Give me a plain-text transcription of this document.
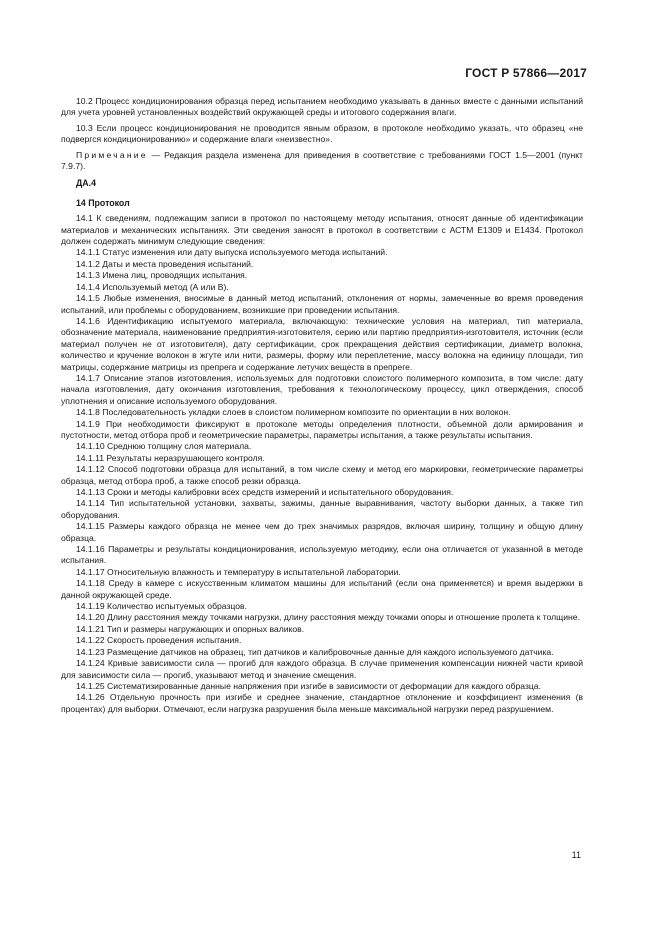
ГОСТ Р 57866—2017

10.2 Процесс кондиционирования образца перед испытанием необходимо указывать в данных вместе с данными испытаний для учета уровней установленных воздействий окружающей среды и итогового содержания влаги.

10.3 Если процесс кондиционирования не проводится явным образом, в протоколе необходимо указать, что образец «не подвергся кондиционированию» и содержание влаги «неизвестно».

Примечание — Редакция раздела изменена для приведения в соответствие с требованиями ГОСТ 1.5—2001 (пункт 7.9.7).

ДА.4
14 Протокол

14.1 К сведениям, подлежащим записи в протокол по настоящему методу испытания, относят данные об идентификации материалов и механических испытаниях. Эти сведения заносят в протокол в соответствии с АСТМ Е1309 и Е1434. Протокол должен содержать минимум следующие сведения:

14.1.1 Статус изменения или дату выпуска используемого метода испытаний.

14.1.2 Даты и места проведения испытаний.

14.1.3 Имена лиц, проводящих испытания.

14.1.4 Используемый метод (А или В).

14.1.5 Любые изменения, вносимые в данный метод испытаний, отклонения от нормы, замеченные во время проведения испытаний, или проблемы с оборудованием, возникшие при проведении испытания.

14.1.6 Идентификацию испытуемого материала, включающую: технические условия на материал, тип материала, обозначение материала, наименование предприятия-изготовителя, серию или партию предприятия-изготовителя, источник (если материал получен не от изготовителя), дату сертификации, срок прекращения действия сертификации, диаметр волокна, количество и кручение волокон в жгуте или нити, размеры, форму или переплетение, массу волокна на единицу площади, тип матрицы, содержание матрицы из препрега и содержание летучих веществ в препреге.

14.1.7 Описание этапов изготовления, используемых для подготовки слоистого полимерного композита, в том числе: дату начала изготовления, дату окончания изготовления, требования к технологическому процессу, цикл отверждения, способ уплотнения и описание используемого оборудования.

14.1.8 Последовательность укладки слоев в слоистом полимерном композите по ориентации в них волокон.

14.1.9 При необходимости фиксируют в протоколе методы определения плотности, объемной доли армирования и пустотности, метод отбора проб и геометрические параметры, параметры испытания, а также результаты испытания.

14.1.10 Среднюю толщину слоя материала.

14.1.11 Результаты неразрушающего контроля.

14.1.12 Способ подготовки образца для испытаний, в том числе схему и метод его маркировки, геометрические параметры образца, метод отбора проб, а также способ резки образца.

14.1.13 Сроки и методы калибровки всех средств измерений и испытательного оборудования.

14.1.14 Тип испытательной установки, захваты, зажимы, данные выравнивания, частоту выборки данных, а также тип оборудования.

14.1.15 Размеры каждого образца не менее чем до трех значимых разрядов, включая ширину, толщину и общую длину образца.

14.1.16 Параметры и результаты кондиционирования, используемую методику, если она отличается от указанной в методе испытания.

14.1.17 Относительную влажность и температуру в испытательной лаборатории.

14.1.18 Среду в камере с искусственным климатом машины для испытаний (если она применяется) и время выдержки в данной окружающей среде.

14.1.19 Количество испытуемых образцов.

14.1.20 Длину расстояния между точками нагрузки, длину расстояния между точками опоры и отношение пролета к толщине.

14.1.21 Тип и размеры нагружающих и опорных валиков.

14.1.22 Скорость проведения испытания.

14.1.23 Размещение датчиков на образец, тип датчиков и калибровочные данные для каждого используемого датчика.

14.1.24 Кривые зависимости сила — прогиб для каждого образца. В случае применения компенсации нижней части кривой для зависимости сила — прогиб, указывают метод и значение смещения.

14.1.25 Систематизированные данные напряжения при изгибе в зависимости от деформации для каждого образца.

14.1.26 Отдельную прочность при изгибе и среднее значение, стандартное отклонение и коэффициент изменения (в процентах) для выборки. Отмечают, если нагрузка разрушения была меньше максимальной нагрузки перед разрушением.

11
